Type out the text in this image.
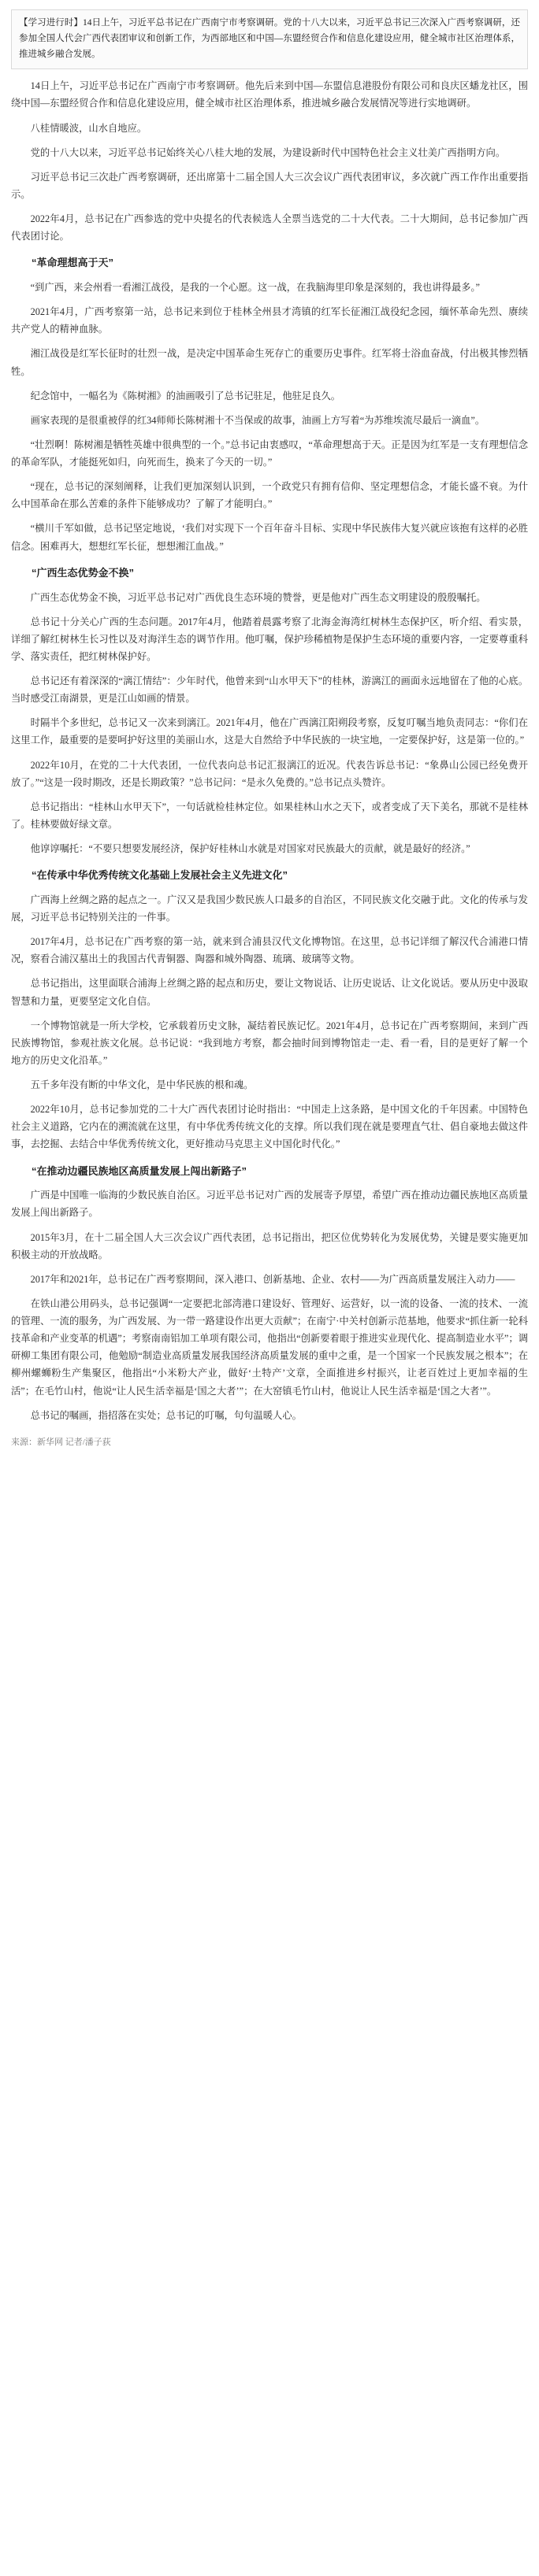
【学习进行时】14日上午，习近平总书记在广西南宁市考察调研。党的十八大以来，习近平总书记三次深入广西考察调研，还参加全国人代会广西代表团审议和创新工作，为西部地区和中国—东盟经贸合作和信息化建设应用，健全城市社区治理体系，推进城乡融合发展。

14日上午，习近平总书记在广西南宁市考察调研。他先后来到中国—东盟信息港股份有限公司和良庆区蟠龙社区，围绕中国—东盟经贸合作和信息化建设应用，健全城市社区治理体系，推进城乡融合发展情况等进行实地调研。

八桂情暖波，山水自地应。

党的十八大以来，习近平总书记始终关心八桂大地的发展，为建设新时代中国特色社会主义壮美广西指明方向。

习近平总书记三次赴广西考察调研，还出席第十二届全国人大三次会议广西代表团审议，多次就广西工作作出重要指示。

2022年4月，总书记在广西参选的党中央提名的代表候选人全票当选党的二十大代表。二十大期间，总书记参加广西代表团讨论。

“革命理想高于天”

“到广西，来会州看一看湘江战役，是我的一个心愿。这一战，在我脑海里印象是深刻的，我也讲得最多。”

2021年4月，广西考察第一站，总书记来到位于桂林全州县才湾镇的红军长征湘江战役纪念园，缅怀革命先烈、赓续共产党人的精神血脉。

湘江战役是红军长征时的壮烈一战，是决定中国革命生死存亡的重要历史事件。红军将士浴血奋战，付出极其惨烈牺牲。

纪念馆中，一幅名为《陈树湘》的油画吸引了总书记驻足，他驻足良久。

画家表现的是很重被俘的红34师师长陈树湘十不当保或的故事，油画上方写着“为苏维埃流尽最后一滴血”。

“壮烈啊！陈树湘是牺牲英雄中很典型的一个。”总书记由衷感叹，“革命理想高于天。正是因为红军是一支有理想信念的革命军队，才能挺死如归，向死而生，换来了今天的一切。”

“现在，总书记的深刻阐释，让我们更加深刻认识到，一个政党只有拥有信仰、坚定理想信念，才能长盛不衰。为什么中国革命在那么苦难的条件下能够成功？了解了才能明白。”

“横川千军如做，总书记坚定地说，‘我们对实现下一个百年奋斗目标、实现中华民族伟大复兴就应该抱有这样的必胜信念。困难再大，想想红军长征，想想湘江血战。”

“广西生态优势金不换”

广西生态优势金不换，习近平总书记对广西优良生态环境的赞誉，更是他对广西生态文明建设的殷殷嘱托。

总书记十分关心广西的生态问题。2017年4月，他踏着晨露考察了北海金海湾红树林生态保护区，听介绍、看实景，详细了解红树林生长习性以及对海洋生态的调节作用。他叮嘱，保护珍稀植物是保护生态环境的重要内容，一定要尊重科学、落实责任，把红树林保护好。

总书记还有着深深的“漓江情结”：少年时代，他曾来到“山水甲天下”的桂林，游漓江的画面永远地留在了他的心底。当时感受江南湖景，更是江山如画的情景。

时隔半个多世纪，总书记又一次来到漓江。2021年4月，他在广西漓江阳朔段考察，反复叮嘱当地负责同志：“你们在这里工作，最重要的是要呵护好这里的美丽山水，这是大自然给予中华民族的一块宝地，一定要保护好，这是第一位的。”

2022年10月，在党的二十大代表团，一位代表向总书记汇报漓江的近况。代表告诉总书记：“象鼻山公园已经免费开放了。”“这是一段时期改，还是长期政策？”总书记问：“是永久免费的。”总书记点头赞许。

总书记指出：“桂林山水甲天下”，一句话就检桂林定位。如果桂林山水之天下，或者变成了天下美名，那就不是桂林了。桂林要做好绿文章。

他谆谆嘱托：“不要只想要发展经济，保护好桂林山水就是对国家对民族最大的贡献，就是最好的经济。”

“在传承中华优秀传统文化基础上发展社会主义先进文化”

广西海上丝绸之路的起点之一。广汉又是我国少数民族人口最多的自治区，不同民族文化交融于此。文化的传承与发展，习近平总书记特别关注的一件事。

2017年4月，总书记在广西考察的第一站，就来到合浦县汉代文化博物馆。在这里，总书记详细了解汉代合浦港口情况，察看合浦汉墓出土的我国古代青铜器、陶器和城外陶器、琉璃、玻璃等文物。

总书记指出，这里面联合浦海上丝绸之路的起点和历史，要让文物说话、让历史说话、让文化说话。要从历史中汲取智慧和力量，更要坚定文化自信。

一个博物馆就是一所大学校，它承载着历史文脉，凝结着民族记忆。2021年4月，总书记在广西考察期间，来到广西民族博物馆，参观社族文化展。总书记说：“我到地方考察，都会抽时间到博物馆走一走、看一看，目的是更好了解一个地方的历史文化沿革。”

五千多年没有断的中华文化，是中华民族的根和魂。

2022年10月，总书记参加党的二十大广西代表团讨论时指出：“中国走上这条路，是中国文化的千年因素。中国特色社会主义道路，它内在的溯流就在这里，有中华优秀传统文化的支撑。所以我们现在就是要理直气壮、倡自豪地去做这件事，去挖掘、去结合中华优秀传统文化，更好推动马克思主义中国化时代化。”

“在推动边疆民族地区高质量发展上闯出新路子”

广西是中国唯一临海的少数民族自治区。习近平总书记对广西的发展寄予厚望，希望广西在推动边疆民族地区高质量发展上闯出新路子。

2015年3月，在十二届全国人大三次会议广西代表团，总书记指出，把区位优势转化为发展优势，关键是要实施更加积极主动的开放战略。

2017年和2021年，总书记在广西考察期间，深入港口、创新基地、企业、农村——为广西高质量发展注入动力——

在铁山港公用码头，总书记强调“一定要把北部湾港口建设好、管理好、运营好，以一流的设备、一流的技术、一流的管理、一流的服务，为广西发展、为一带一路建设作出更大贡献”；在南宁·中关村创新示范基地，他要求“抓住新一轮科技革命和产业变革的机遇”；考察南南铝加工单项有限公司，他指出“创新要着眼于推进实业现代化、提高制造业水平”；调研柳工集团有限公司，他勉励“制造业高质量发展我国经济高质量发展的重中之重，是一个国家一个民族发展之根本”；在柳州螺蛳粉生产集聚区，他指出“小米粉大产业，做好‘土特产’文章，全面推进乡村振兴，让老百姓过上更加幸福的生活”；在毛竹山村，他说“让人民生活幸福是‘国之大者’”；在大窑镇毛竹山村，他说让人民生活幸福是‘国之大者’”。

总书记的嘱画，指招落在实处；总书记的叮嘱，句句温暖人心。

来源：新华网 记者/潘子荻
